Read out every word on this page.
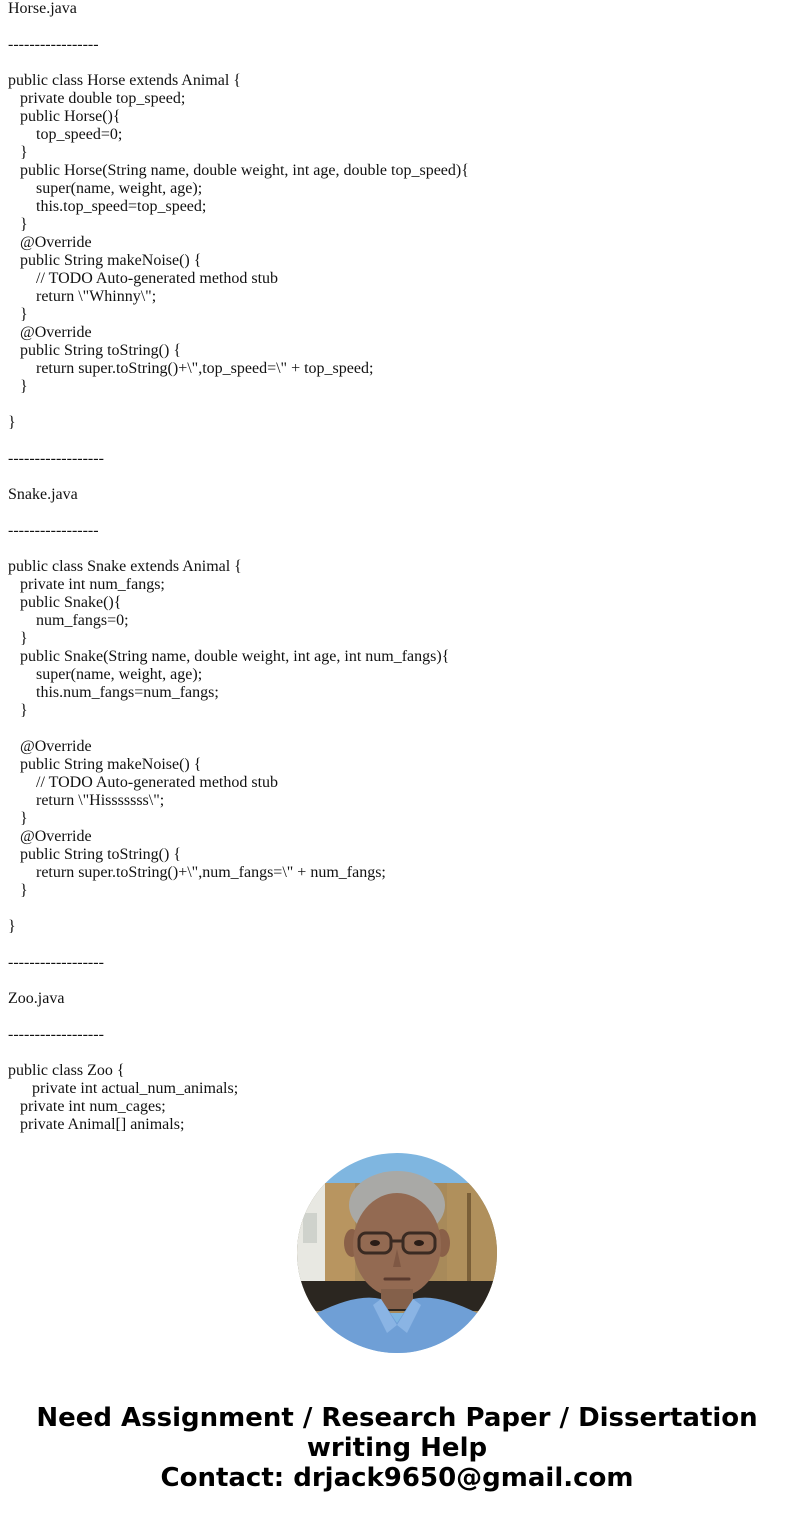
Horse.java
-----------------
public class Horse extends Animal {
private double top_speed;
public Horse(){
top_speed=0;
}
public Horse(String name, double weight, int age, double top_speed){
super(name, weight, age);
this.top_speed=top_speed;
}
@Override
public String makeNoise() {
// TODO Auto-generated method stub
return \"Whinny\";
}
@Override
public String toString() {
return super.toString()+\",top_speed=\" + top_speed;
}
}
------------------
Snake.java
-----------------
public class Snake extends Animal {
private int num_fangs;
public Snake(){
num_fangs=0;
}
public Snake(String name, double weight, int age, int num_fangs){
super(name, weight, age);
this.num_fangs=num_fangs;
}
@Override
public String makeNoise() {
// TODO Auto-generated method stub
return \"Hisssssss\";
}
@Override
public String toString() {
return super.toString()+\",num_fangs=\" + num_fangs;
}
}
------------------
Zoo.java
------------------
public class Zoo {
private int actual_num_animals;
private int num_cages;
private Animal[] animals;
Need Assignment / Research Paper / Dissertation
writing Help
Contact: drjack9650@gmail.com
